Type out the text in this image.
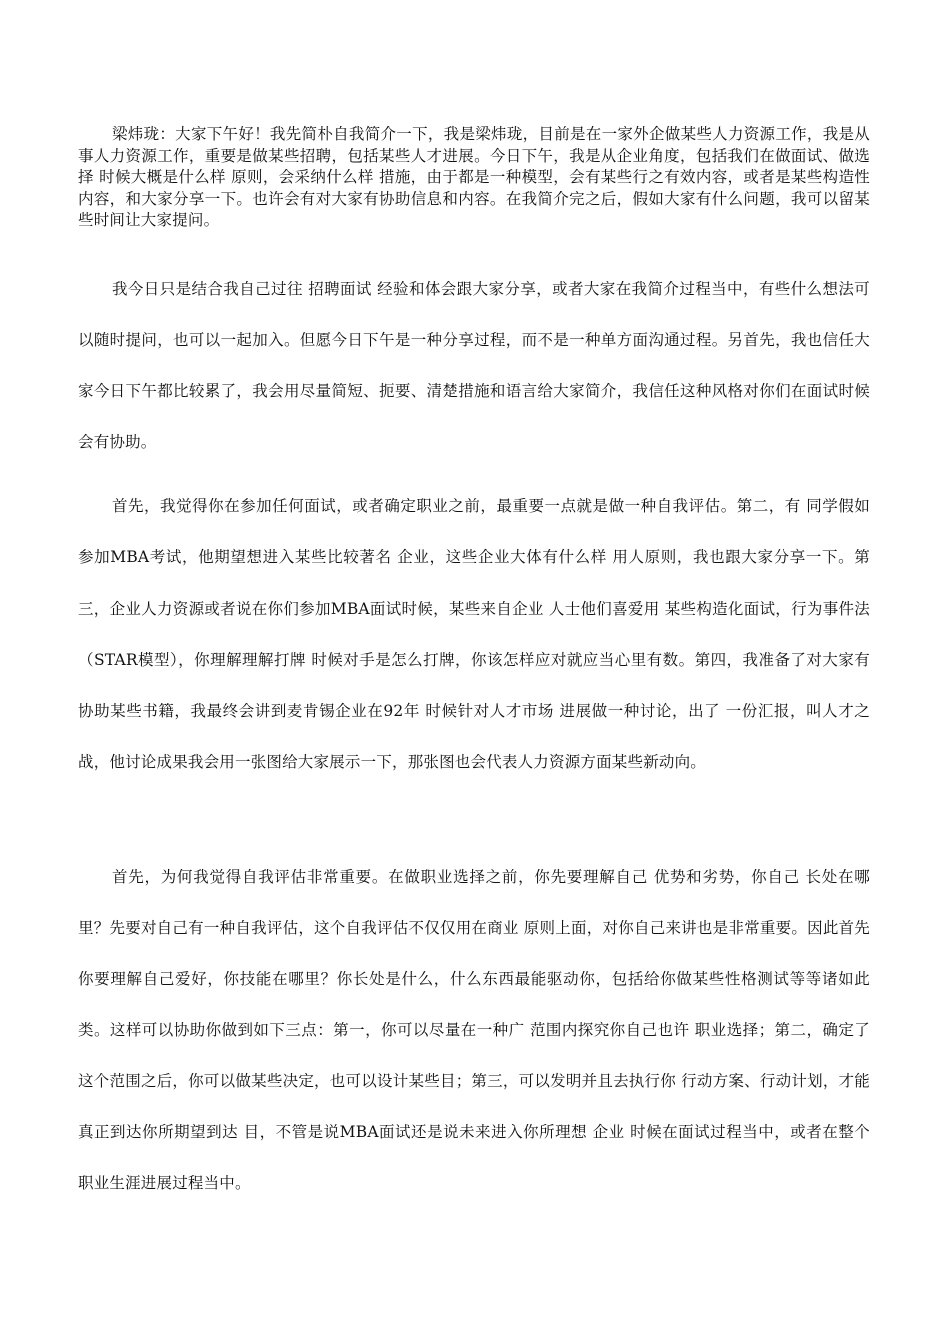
梁炜珑：大家下午好！我先简朴自我简介一下，我是梁炜珑，目前是在一家外企做某些人力资源工作，我是从事人力资源工作，重要是做某些招聘，包括某些人才进展。今日下午，我是从企业角度，包括我们在做面试、做选择 时候大概是什么样 原则，会采纳什么样 措施，由于都是一种模型，会有某些行之有效内容，或者是某些构造性内容，和大家分享一下。也许会有对大家有协助信息和内容。在我简介完之后，假如大家有什么问题，我可以留某些时间让大家提问。

我今日只是结合我自己过往 招聘面试 经验和体会跟大家分享，或者大家在我简介过程当中，有些什么想法可以随时提问，也可以一起加入。但愿今日下午是一种分享过程，而不是一种单方面沟通过程。另首先，我也信任大家今日下午都比较累了，我会用尽量简短、扼要、清楚措施和语言给大家简介，我信任这种风格对你们在面试时候会有协助。

首先，我觉得你在参加任何面试，或者确定职业之前，最重要一点就是做一种自我评估。第二，有 同学假如参加MBA考试，他期望想进入某些比较著名 企业，这些企业大体有什么样 用人原则，我也跟大家分享一下。第三，企业人力资源或者说在你们参加MBA面试时候，某些来自企业 人士他们喜爱用 某些构造化面试，行为事件法（STAR模型），你理解理解打牌 时候对手是怎么打牌，你该怎样应对就应当心里有数。第四，我准备了对大家有协助某些书籍，我最终会讲到麦肯锡企业在92年 时候针对人才市场 进展做一种讨论，出了 一份汇报，叫人才之战，他讨论成果我会用一张图给大家展示一下，那张图也会代表人力资源方面某些新动向。

首先，为何我觉得自我评估非常重要。在做职业选择之前，你先要理解自己 优势和劣势，你自己 长处在哪里？先要对自己有一种自我评估，这个自我评估不仅仅用在商业 原则上面，对你自己来讲也是非常重要。因此首先你要理解自己爱好，你技能在哪里？你长处是什么，什么东西最能驱动你，包括给你做某些性格测试等等诸如此类。这样可以协助你做到如下三点：第一，你可以尽量在一种广 范围内探究你自己也许 职业选择；第二，确定了这个范围之后，你可以做某些决定，也可以设计某些目；第三，可以发明并且去执行你 行动方案、行动计划，才能真正到达你所期望到达 目，不管是说MBA面试还是说未来进入你所理想 企业 时候在面试过程当中，或者在整个职业生涯进展过程当中。
